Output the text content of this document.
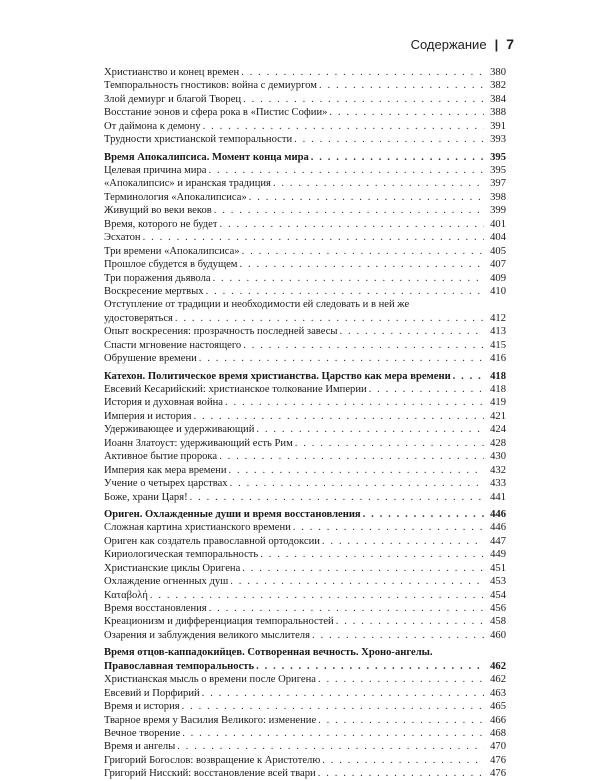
Содержание | 7
Христианство и конец времен . . .	380
Темпоральность гностиков: война с демиургом . . .	382
Злой демиург и благой Творец . . .	384
Восстание эонов и сфера рока в «Пистис Софии» . . .	388
От даймона к демону . . .	391
Трудности христианской темпоральности . . .	393
Время Апокалипсиса. Момент конца мира . . .	395
Целевая причина мира . . .	395
«Апокалипсис» и иранская традиция . . .	397
Терминология «Апокалипсиса» . . .	398
Живущий во веки веков . . .	399
Время, которого не будет . . .	401
Эсхатон . . .	404
Три времени «Апокалипсиса» . . .	405
Прошлое сбудется в будущем . . .	407
Три поражения дьявола . . .	409
Воскресение мертвых . . .	410
Отступление от традиции и необходимости ей следовать и в ней же
удостоверяться . . .	412
Опыт воскресения: прозрачность последней завесы . . .	413
Спасти мгновение настоящего . . .	415
Обрушение времени . . .	416
Катехон. Политическое время христианства. Царство как мера времени . . .	418
Евсевий Кесарийский: христианское толкование Империи . . .	418
История и духовная война . . .	419
Империя и история . . .	421
Удерживающее и удерживающий . . .	424
Иоанн Златоуст: удерживающий есть Рим . . .	428
Активное бытие пророка . . .	430
Империя как мера времени . . .	432
Учение о четырех царствах . . .	433
Боже, храни Царя! . . .	441
Ориген. Охлажденные души и время восстановления . . .	446
Сложная картина христианского времени . . .	446
Ориген как создатель православной ортодоксии . . .	447
Кириологическая темпоральность . . .	449
Христианские циклы Оригена . . .	451
Охлаждение огненных душ . . .	453
Καταβολή . . .	454
Время восстановления . . .	456
Креационизм и дифференциация темпоральностей . . .	458
Озарения и заблуждения великого мыслителя . . .	460
Время отцов-каппадокийцев. Сотворенная вечность. Хроно-ангелы.
Православная темпоральность . . .	462
Христианская мысль о времени после Оригена . . .	462
Евсевий и Порфирий . . .	463
Время и история . . .	465
Тварное время у Василия Великого: изменение . . .	466
Вечное творение . . .	468
Время и ангелы . . .	470
Григорий Богослов: возвращение к Аристотелю . . .	476
Григорий Нисский: восстановление всей твари . . .	476
